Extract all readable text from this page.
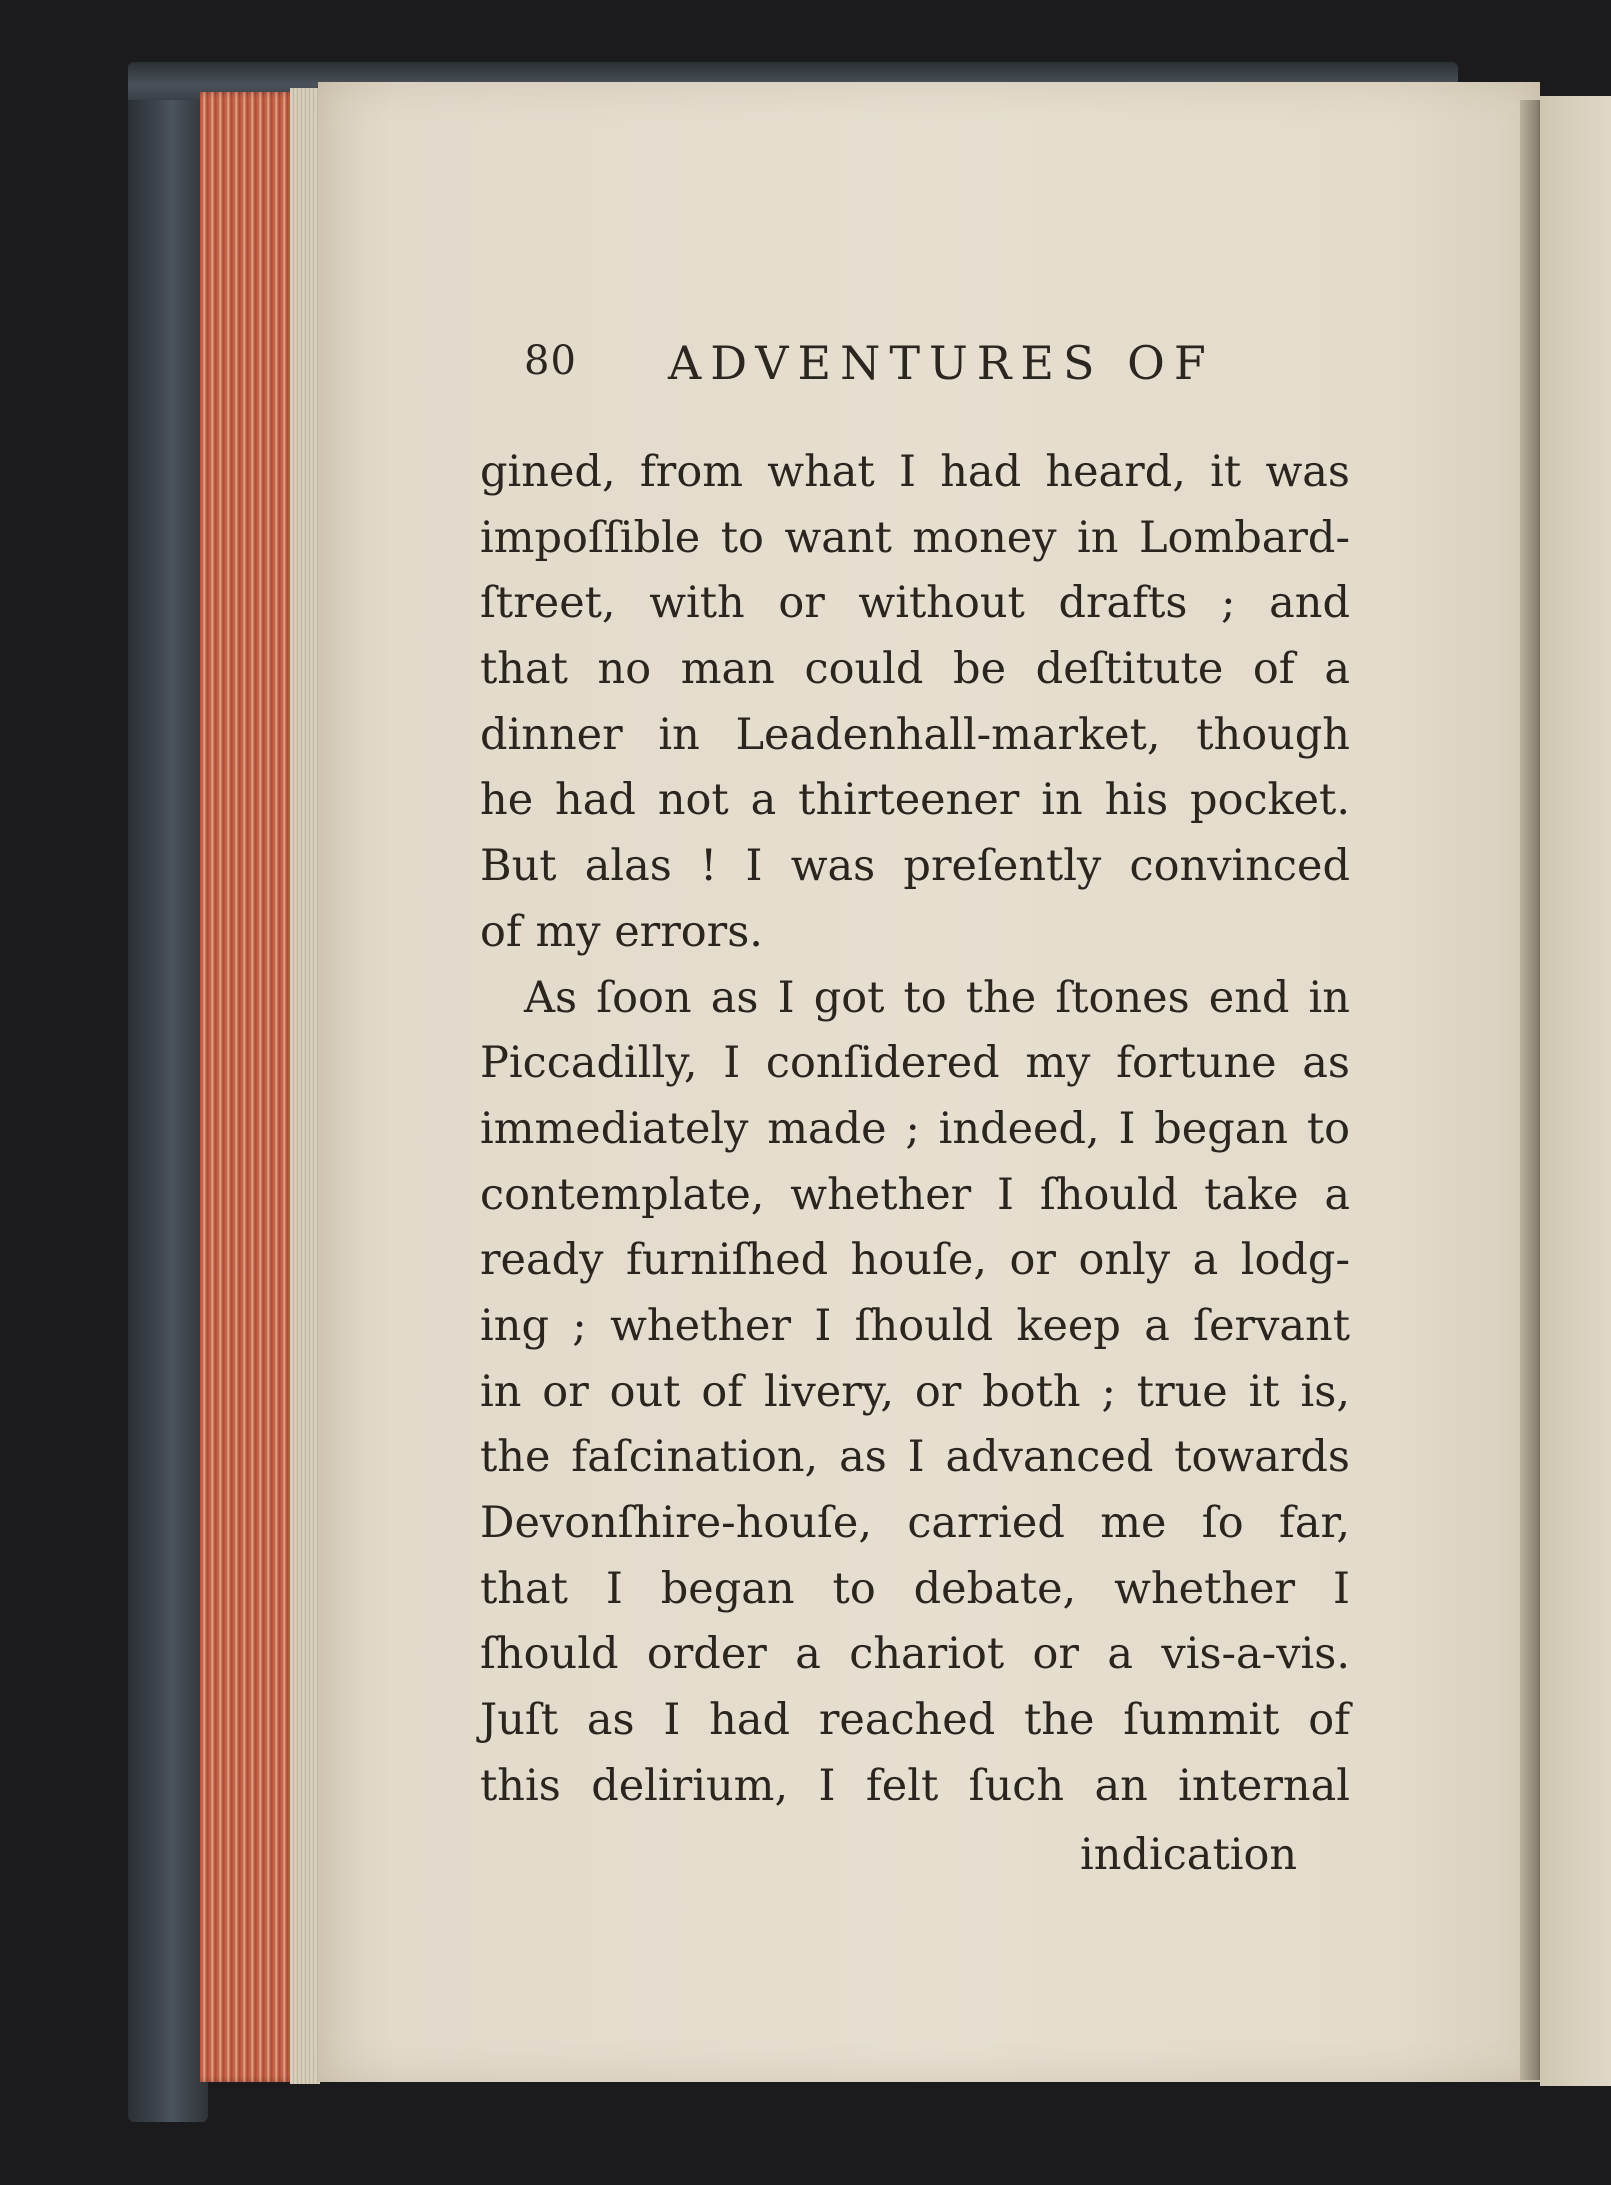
80 ADVENTURES OF
gined, from what I had heard, it was
impoſſible to want money in Lombard-
ſtreet, with or without drafts ; and
that no man could be deſtitute of a
dinner in Leadenhall-market, though
he had not a thirteener in his pocket.
But alas ! I was preſently convinced
of my errors.
As ſoon as I got to the ſtones end in
Piccadilly, I conſidered my fortune as
immediately made ; indeed, I began to
contemplate, whether I ſhould take a
ready furniſhed houſe, or only a lodg-
ing ; whether I ſhould keep a ſervant
in or out of livery, or both ; true it is,
the faſcination, as I advanced towards
Devonſhire-houſe, carried me ſo far,
that I began to debate, whether I
ſhould order a chariot or a vis-a-vis.
Juſt as I had reached the ſummit of
this delirium, I felt ſuch an internal
indication
